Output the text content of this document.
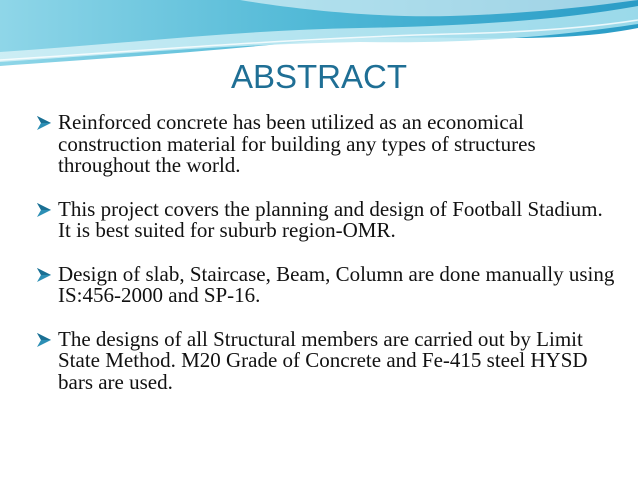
ABSTRACT
Reinforced concrete has been utilized as an economical construction material for building any types of structures throughout the world.
This project covers the planning and design of Football Stadium. It is best suited for suburb region-OMR.
Design of slab, Staircase, Beam, Column are done manually using IS:456-2000 and SP-16.
The designs of all Structural members are carried out by Limit State Method. M20 Grade of Concrete and Fe-415 steel HYSD bars are used.
